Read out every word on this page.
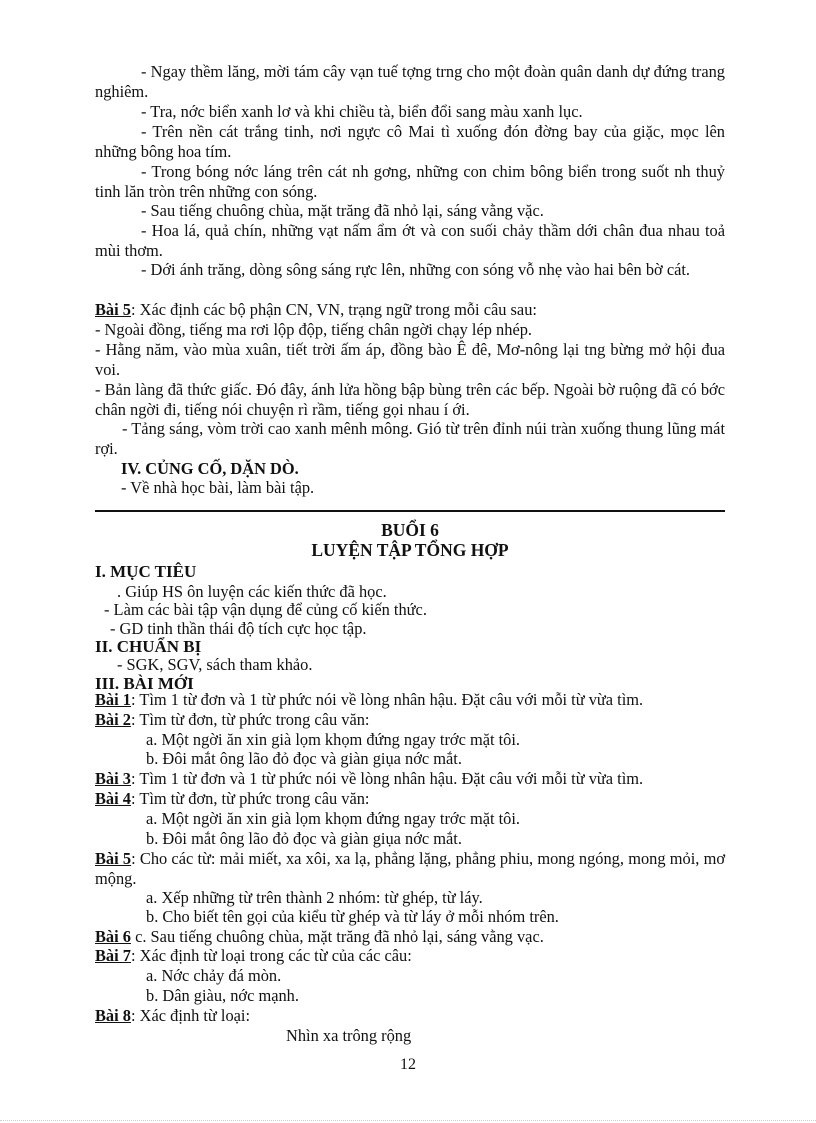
- Ngay thềm lăng, mời tám cây vạn tuế tợng trng cho một đoàn quân danh dự đứng trang nghiêm.

- Tra, nớc biển xanh lơ và khi chiều tà, biển đổi sang màu xanh lục.

- Trên nền cát trắng tinh, nơi ngực cô Mai tì xuống đón đờng bay của giặc, mọc lên những bông hoa tím.

- Trong bóng nớc láng trên cát nh gơng, những con chim bông biển trong suốt nh thuỷ tinh lăn tròn trên những con sóng.

- Sau tiếng chuông chùa, mặt trăng đã nhỏ lại, sáng vằng vặc.

- Hoa lá, quả chín, những vạt nấm ẩm ớt và con suối chảy thầm dới chân đua nhau toả mùi thơm.

- Dới ánh trăng, dòng sông sáng rực lên, những con sóng vỗ nhẹ vào hai bên bờ cát.

Bài 5: Xác định các bộ phận CN, VN, trạng ngữ trong mỗi câu sau:

- Ngoài đồng, tiếng ma rơi lộp độp, tiếng chân ngời chạy lép nhép.

- Hằng năm, vào mùa xuân, tiết trời ấm áp, đồng bào Ê đê, Mơ-nông lại tng bừng mở hội đua voi.

- Bản làng đã thức giấc. Đó đây, ánh lửa hồng bập bùng trên các bếp. Ngoài bờ ruộng đã có bớc chân ngời đi, tiếng nói chuyện rì rầm, tiếng gọi nhau í ới.

- Tảng sáng, vòm trời cao xanh mênh mông. Gió từ trên đỉnh núi tràn xuống thung lũng mát rợi.

IV. CỦNG CỐ, DẶN DÒ.

- Về nhà học bài, làm bài tập.

BUỔI 6

LUYỆN TẬP TỔNG HỢP

I. MỤC TIÊU

. Giúp HS ôn luyện các kiến thức đã học.

- Làm các bài tập vận dụng để củng cố kiến thức.

- GD tinh thần thái độ tích cực học tập.

II. CHUẨN BỊ

- SGK, SGV, sách tham khảo.

III. BÀI MỚI

Bài 1: Tìm 1 từ đơn và 1 từ phức nói về lòng nhân hậu. Đặt câu với mỗi từ vừa tìm.

Bài 2: Tìm từ đơn, từ phức trong câu văn:

a. Một ngời ăn xin già lọm khọm đứng ngay trớc mặt tôi.

b. Đôi mắt ông lão đỏ đọc và giàn giụa nớc mắt.

Bài 3: Tìm 1 từ đơn và 1 từ phức nói về lòng nhân hậu. Đặt câu với mỗi từ vừa tìm.

Bài 4: Tìm từ đơn, từ phức trong câu văn:

a. Một ngời ăn xin già lọm khọm đứng ngay trớc mặt tôi.

b. Đôi mắt ông lão đỏ đọc và giàn giụa nớc mắt.

Bài 5: Cho các từ: mải miết, xa xôi, xa lạ, phẳng lặng, phẳng phiu, mong ngóng, mong mỏi, mơ mộng.

a. Xếp những từ trên thành 2 nhóm: từ ghép, từ láy.

b. Cho biết tên gọi của kiểu từ ghép và từ láy ở mỗi nhóm trên.

Bài 6 c. Sau tiếng chuông chùa, mặt trăng đã nhỏ lại, sáng vằng vạc.

Bài 7: Xác định từ loại trong các từ của các câu:

a. Nớc chảy đá mòn.

b. Dân giàu, nớc mạnh.

Bài 8: Xác định từ loại:

Nhìn xa trông rộng

12
